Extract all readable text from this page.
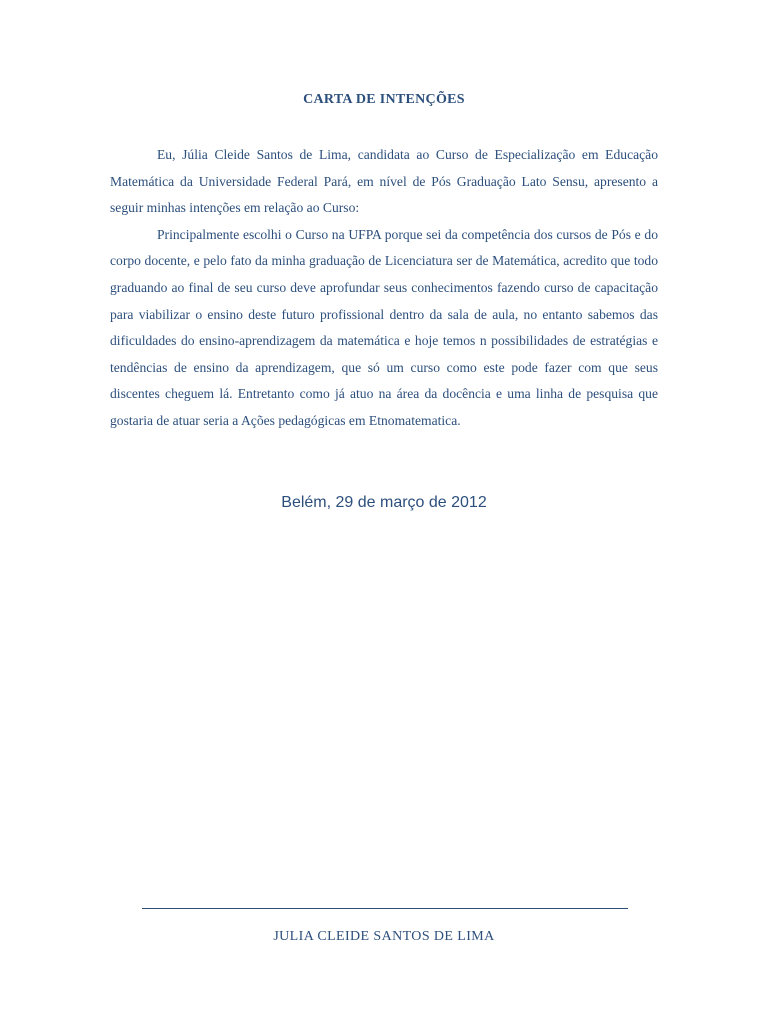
CARTA DE INTENÇÕES

Eu, Júlia Cleide Santos de Lima, candidata ao Curso de Especialização em Educação Matemática da Universidade Federal Pará, em nível de Pós Graduação Lato Sensu, apresento a seguir minhas intenções em relação ao Curso:

Principalmente escolhi o Curso na UFPA porque sei da competência dos cursos de Pós e do corpo docente, e pelo fato da minha graduação de Licenciatura ser de Matemática, acredito que todo graduando ao final de seu curso deve aprofundar seus conhecimentos fazendo curso de capacitação para viabilizar o ensino deste futuro profissional dentro da sala de aula, no entanto sabemos das dificuldades do ensino-aprendizagem da matemática e hoje temos n possibilidades de estratégias e tendências de ensino da aprendizagem, que só um curso como este pode fazer com que seus discentes cheguem lá. Entretanto como já atuo na área da docência e uma linha de pesquisa que gostaria de atuar seria a Ações pedagógicas em Etnomatematica.

Belém, 29 de março de 2012
JULIA CLEIDE SANTOS DE LIMA
